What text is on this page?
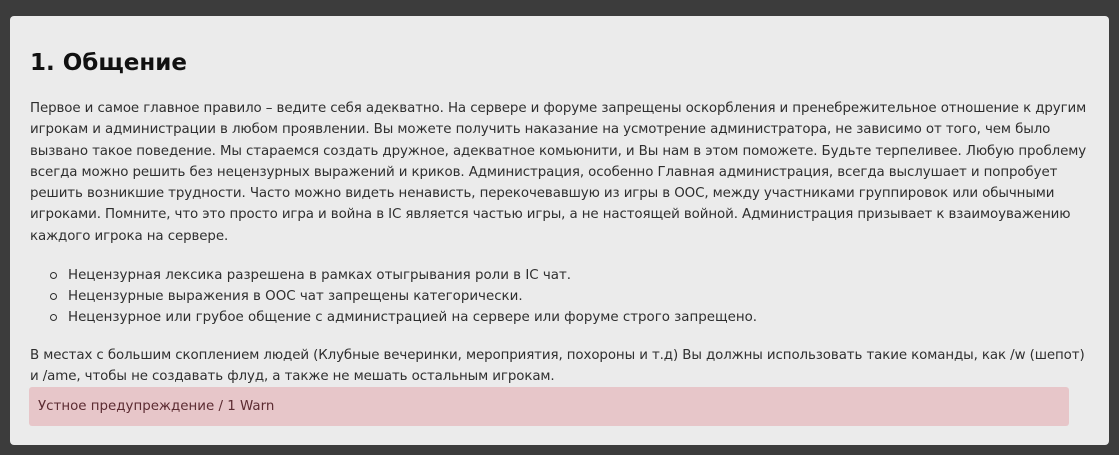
1. Общение

Первое и самое главное правило – ведите себя адекватно. На сервере и форуме запрещены оскорбления и пренебрежительное отношение к другим игрокам и администрации в любом проявлении. Вы можете получить наказание на усмотрение администратора, не зависимо от того, чем было вызвано такое поведение. Мы стараемся создать дружное, адекватное комьюнити, и Вы нам в этом поможете. Будьте терпеливее. Любую проблему всегда можно решить без нецензурных выражений и криков. Администрация, особенно Главная администрация, всегда выслушает и попробует решить возникшие трудности. Часто можно видеть ненависть, перекочевавшую из игры в ООС, между участниками группировок или обычными игроками. Помните, что это просто игра и война в IC является частью игры, а не настоящей войной. Администрация призывает к взаимоуважению каждого игрока на сервере.

Нецензурная лексика разрешена в рамках отыгрывания роли в IC чат.
Нецензурные выражения в ООС чат запрещены категорически.
Нецензурное или грубое общение с администрацией на сервере или форуме строго запрещено.

В местах с большим скоплением людей (Клубные вечеринки, мероприятия, похороны и т.д) Вы должны использовать такие команды, как /w (шепот) и /ame, чтобы не создавать флуд, а также не мешать остальным игрокам.

Устное предупреждение / 1 Warn
